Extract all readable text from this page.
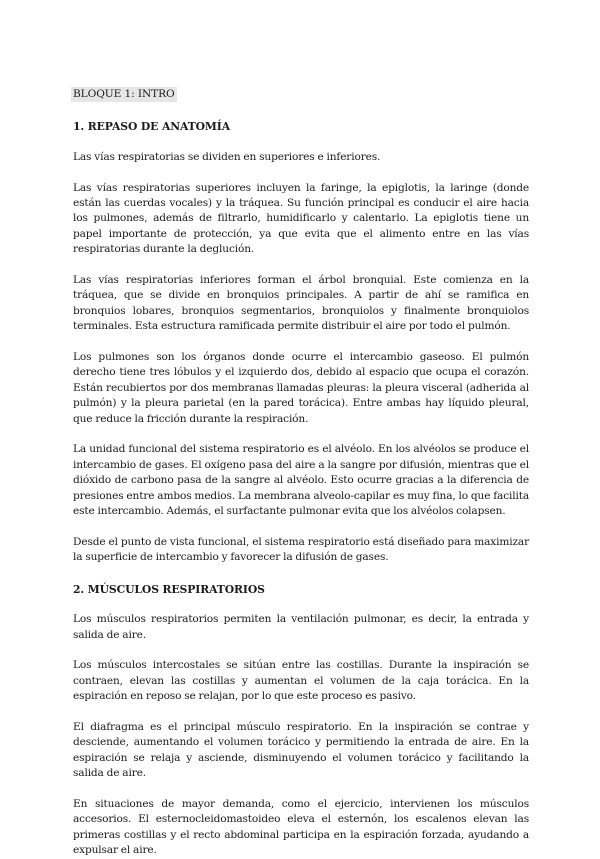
BLOQUE 1: INTRO
1. REPASO DE ANATOMÍA

Las vías respiratorias se dividen en superiores e inferiores.

Las vías respiratorias superiores incluyen la faringe, la epiglotis, la laringe (donde están las cuerdas vocales) y la tráquea. Su función principal es conducir el aire hacia los pulmones, además de filtrarlo, humidificarlo y calentarlo. La epiglotis tiene un papel importante de protección, ya que evita que el alimento entre en las vías respiratorias durante la deglución.

Las vías respiratorias inferiores forman el árbol bronquial. Este comienza en la tráquea, que se divide en bronquios principales. A partir de ahí se ramifica en bronquios lobares, bronquios segmentarios, bronquiolos y finalmente bronquiolos terminales. Esta estructura ramificada permite distribuir el aire por todo el pulmón.

Los pulmones son los órganos donde ocurre el intercambio gaseoso. El pulmón derecho tiene tres lóbulos y el izquierdo dos, debido al espacio que ocupa el corazón. Están recubiertos por dos membranas llamadas pleuras: la pleura visceral (adherida al pulmón) y la pleura parietal (en la pared torácica). Entre ambas hay líquido pleural, que reduce la fricción durante la respiración.

La unidad funcional del sistema respiratorio es el alvéolo. En los alvéolos se produce el intercambio de gases. El oxígeno pasa del aire a la sangre por difusión, mientras que el dióxido de carbono pasa de la sangre al alvéolo. Esto ocurre gracias a la diferencia de presiones entre ambos medios. La membrana alveolo-capilar es muy fina, lo que facilita este intercambio. Además, el surfactante pulmonar evita que los alvéolos colapsen.

Desde el punto de vista funcional, el sistema respiratorio está diseñado para maximizar la superficie de intercambio y favorecer la difusión de gases.

2. MÚSCULOS RESPIRATORIOS

Los músculos respiratorios permiten la ventilación pulmonar, es decir, la entrada y salida de aire.

Los músculos intercostales se sitúan entre las costillas. Durante la inspiración se contraen, elevan las costillas y aumentan el volumen de la caja torácica. En la espiración en reposo se relajan, por lo que este proceso es pasivo.

El diafragma es el principal músculo respiratorio. En la inspiración se contrae y desciende, aumentando el volumen torácico y permitiendo la entrada de aire. En la espiración se relaja y asciende, disminuyendo el volumen torácico y facilitando la salida de aire.

En situaciones de mayor demanda, como el ejercicio, intervienen los músculos accesorios. El esternocleidomastoideo eleva el esternón, los escalenos elevan las primeras costillas y el recto abdominal participa en la espiración forzada, ayudando a expulsar el aire.
